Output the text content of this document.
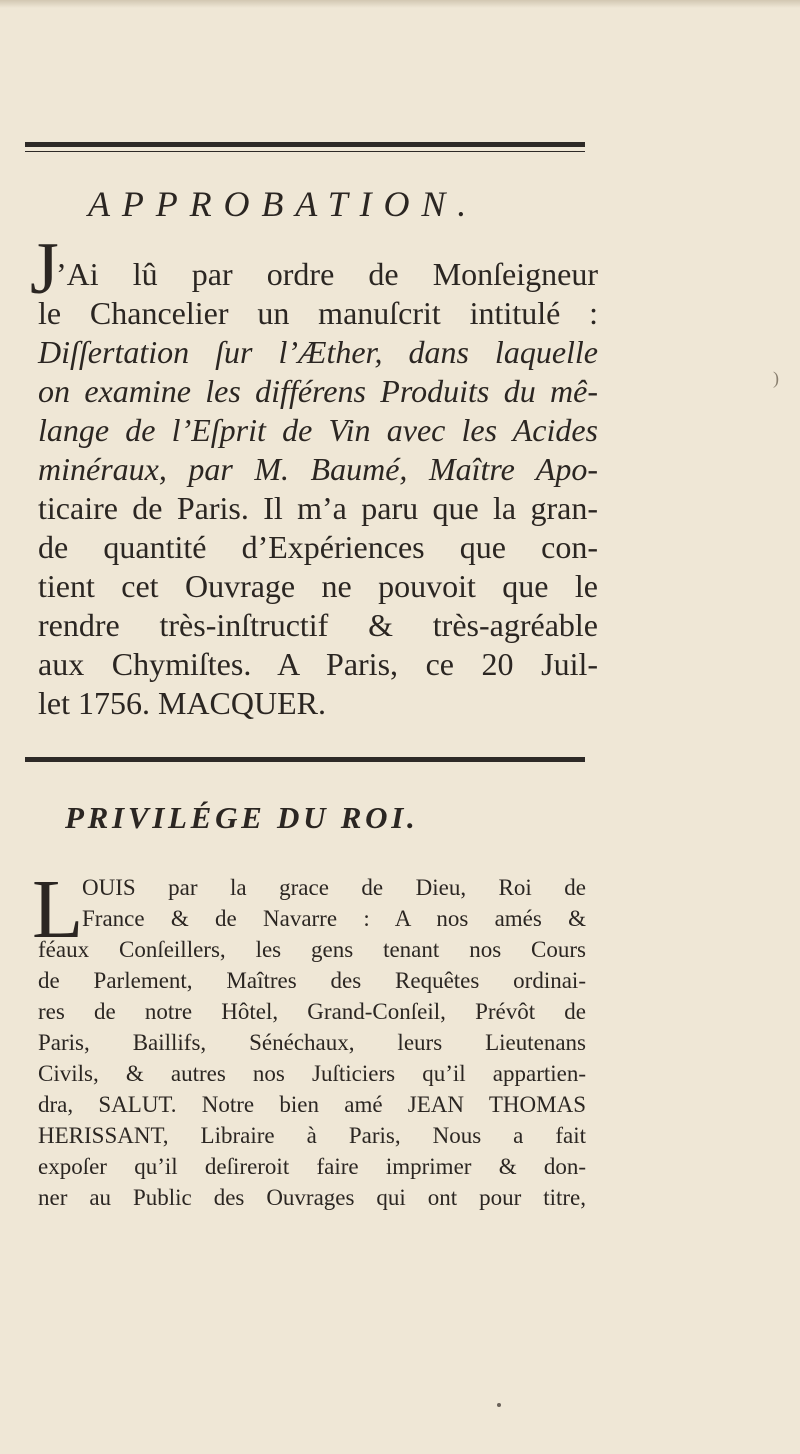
APPROBATION.
J
’Ai lû par ordre de Monſeigneur
le Chancelier un manuſcrit intitulé :
Diſſertation ſur l’Æther, dans laquelle
on examine les différens Produits du mê-
lange de l’Eſprit de Vin avec les Acides
minéraux, par M. Baumé, Maître Apo-
ticaire de Paris. Il m’a paru que la gran-
de quantité d’Expériences que con-
tient cet Ouvrage ne pouvoit que le
rendre très-inſtructif & très-agréable
aux Chymiſtes. A Paris, ce 20 Juil-
let 1756. MACQUER.
)
PRIVILÉGE DU ROI.
L
OUIS par la grace de Dieu, Roi de
France & de Navarre : A nos amés &
féaux Conſeillers, les gens tenant nos Cours
de Parlement, Maîtres des Requêtes ordinai-
res de notre Hôtel, Grand-Conſeil, Prévôt de
Paris, Baillifs, Sénéchaux, leurs Lieutenans
Civils, & autres nos Juſticiers qu’il appartien-
dra, SALUT. Notre bien amé JEAN THOMAS
HERISSANT, Libraire à Paris, Nous a fait
expoſer qu’il deſireroit faire imprimer & don-
ner au Public des Ouvrages qui ont pour titre,
